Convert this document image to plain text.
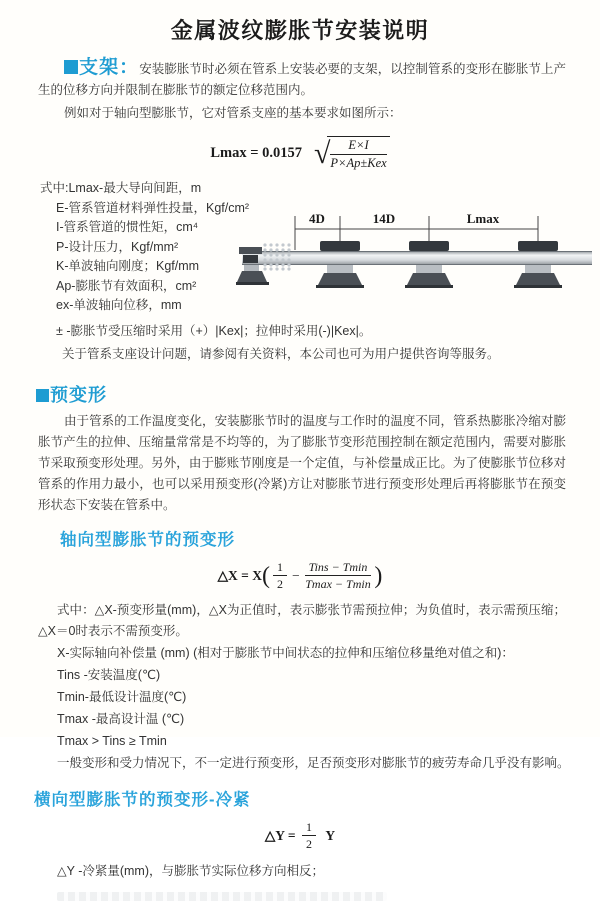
金属波纹膨胀节安装说明

支架：安装膨胀节时必须在管系上安装必要的支架，以控制管系的变形在膨胀节上产生的位移方向并限制在膨胀节的额定位移范围内。

例如对于轴向型膨胀节，它对管系支座的基本要求如图所示：

Lmax = 0.0157 √
$\frac{E\times I}{\text{P×Ap±Kex}}$
式中:Lmax-最大导向间距，m
E-管系管道材料弹性投量，Kgf/cm²
I-管系管道的惯性矩，cm⁴
P-设计压力，Kgf/mm²
K-单波轴向刚度；Kgf/mm
Ap-膨胀节有效面积，cm²
ex-单波轴向位移，mm
4D	14D	Lmax

± -膨胀节受压缩时采用（+）|Kex|；拉伸时采用(-)|Kex|。

关于管系支座设计问题，请参阅有关资料，本公司也可为用户提供咨询等服务。

预变形

由于管系的工作温度变化，安装膨胀节时的温度与工作时的温度不同，管系热膨胀冷缩对膨胀节产生的拉伸、压缩量常常是不均等的，为了膨胀节变形范围控制在额定范围内，需要对膨胀节采取预变形处理。另外，由于膨账节刚度是一个定值，与补偿量成正比。为了使膨胀节位移对管系的作用力最小，也可以采用预变形(冷紧)方让对膨胀节进行预变形处理后再将膨胀节在预变形状态下安装在管系中。

轴向型膨胀节的预变形
△X = $X( \frac{1}{2} - \frac{\text{Tins − Tmin}}{Tmax - Tmin}$ )

式中：△X-预变形量(mm)，△X为正值时，表示膨张节需预拉伸；为负值时，表示需预压缩；△X＝0时表示不需预变形。

X-实际轴向补偿量 (mm) (相对于膨胀节中间状态的拉伸和压缩位移量绝对值之和)：
Tins -安装温度(℃)
Tmin-最低设计温度(℃)
Tmax -最高设计温 (℃)
Tmax > Tins ≥ Tmin
一般变形和受力情况下，不一定进行预变形，足否预变形对膨胀节的疲劳寿命几乎没有影响。
横向型膨胀节的预变形-冷紧
△Y = $\frac{1}{2}$ Y
△Y -冷紧量(mm)，与膨胀节实际位移方向相反；
